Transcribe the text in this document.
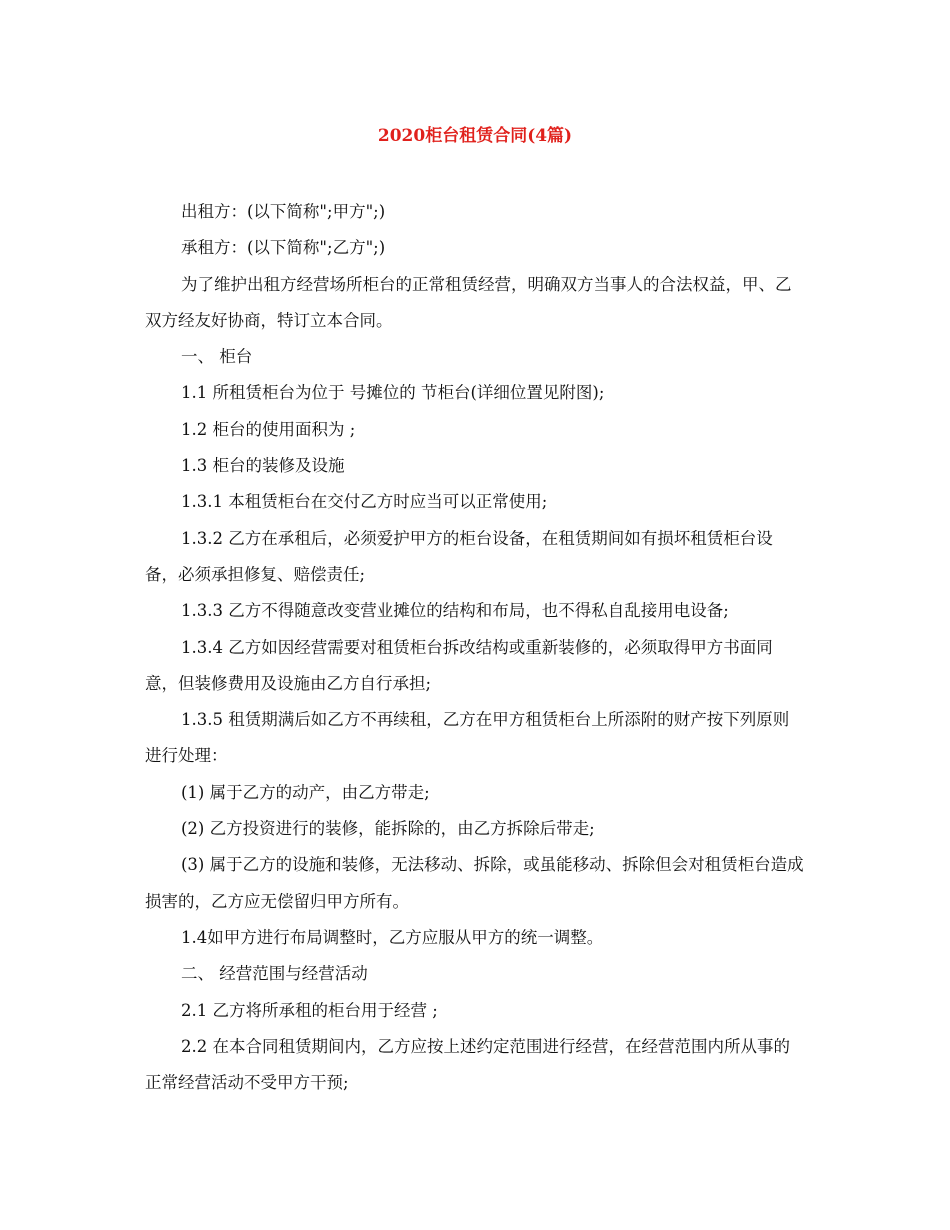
2020柜台租赁合同(4篇)

出租方：(以下简称";甲方";)

承租方：(以下简称";乙方";)

为了维护出租方经营场所柜台的正常租赁经营，明确双方当事人的合法权益，甲、乙双方经友好协商，特订立本合同。

一、 柜台

1.1 所租赁柜台为位于 号摊位的 节柜台(详细位置见附图);

1.2 柜台的使用面积为 ;

1.3 柜台的装修及设施

1.3.1 本租赁柜台在交付乙方时应当可以正常使用;

1.3.2 乙方在承租后，必须爱护甲方的柜台设备，在租赁期间如有损坏租赁柜台设备，必须承担修复、赔偿责任;

1.3.3 乙方不得随意改变营业摊位的结构和布局，也不得私自乱接用电设备;

1.3.4 乙方如因经营需要对租赁柜台拆改结构或重新装修的，必须取得甲方书面同意，但装修费用及设施由乙方自行承担;

1.3.5 租赁期满后如乙方不再续租，乙方在甲方租赁柜台上所添附的财产按下列原则进行处理：

(1) 属于乙方的动产，由乙方带走;

(2) 乙方投资进行的装修，能拆除的，由乙方拆除后带走;

(3) 属于乙方的设施和装修，无法移动、拆除，或虽能移动、拆除但会对租赁柜台造成损害的，乙方应无偿留归甲方所有。

1.4如甲方进行布局调整时，乙方应服从甲方的统一调整。

二、 经营范围与经营活动

2.1 乙方将所承租的柜台用于经营 ;

2.2 在本合同租赁期间内，乙方应按上述约定范围进行经营，在经营范围内所从事的正常经营活动不受甲方干预;
